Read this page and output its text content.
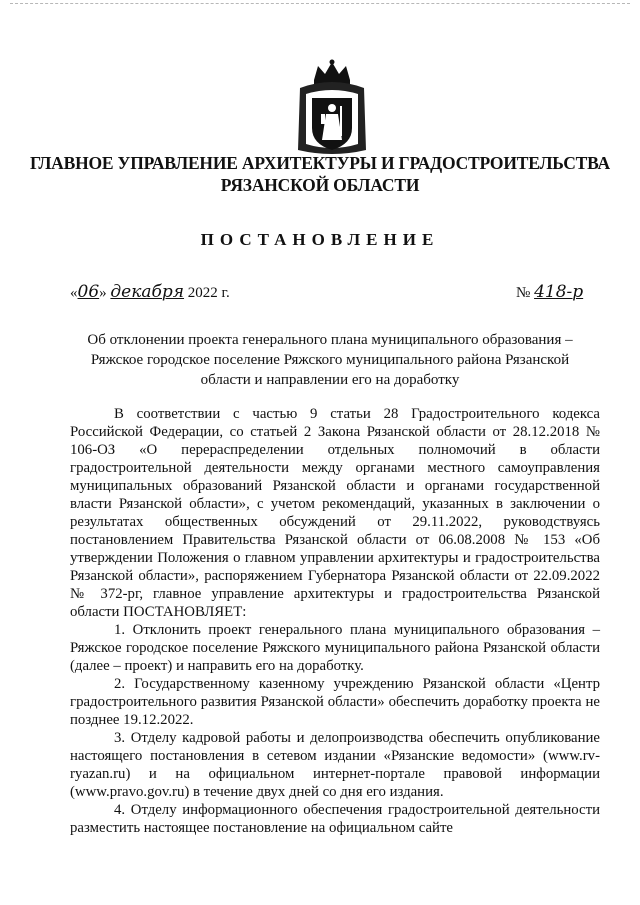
ГЛАВНОЕ УПРАВЛЕНИЕ АРХИТЕКТУРЫ И ГРАДОСТРОИТЕЛЬСТВА
РЯЗАНСКОЙ ОБЛАСТИ
ПОСТАНОВЛЕНИЕ
«06» декабря 2022 г.	№ 418-р
Об отклонении проекта генерального плана муниципального образования – Ряжское городское поселение Ряжского муниципального района Рязанской области и направлении его на доработку

В соответствии с частью 9 статьи 28 Градостроительного кодекса Российской Федерации, со статьей 2 Закона Рязанской области от 28.12.2018 № 106-ОЗ «О перераспределении отдельных полномочий в области градостроительной деятельности между органами местного самоуправления муниципальных образований Рязанской области и органами государственной власти Рязанской области», с учетом рекомендаций, указанных в заключении о результатах общественных обсуждений от 29.11.2022, руководствуясь постановлением Правительства Рязанской области от 06.08.2008 № 153 «Об утверждении Положения о главном управлении архитектуры и градостроительства Рязанской области», распоряжением Губернатора Рязанской области от 22.09.2022 № 372-рг, главное управление архитектуры и градостроительства Рязанской области ПОСТАНОВЛЯЕТ:

1. Отклонить проект генерального плана муниципального образования – Ряжское городское поселение Ряжского муниципального района Рязанской области (далее – проект) и направить его на доработку.

2. Государственному казенному учреждению Рязанской области «Центр градостроительного развития Рязанской области» обеспечить доработку проекта не позднее 19.12.2022.

3. Отделу кадровой работы и делопроизводства обеспечить опубликование настоящего постановления в сетевом издании «Рязанские ведомости» (www.rv-ryazan.ru) и на официальном интернет-портале правовой информации (www.pravo.gov.ru) в течение двух дней со дня его издания.

4. Отделу информационного обеспечения градостроительной деятельности разместить настоящее постановление на официальном сайте
